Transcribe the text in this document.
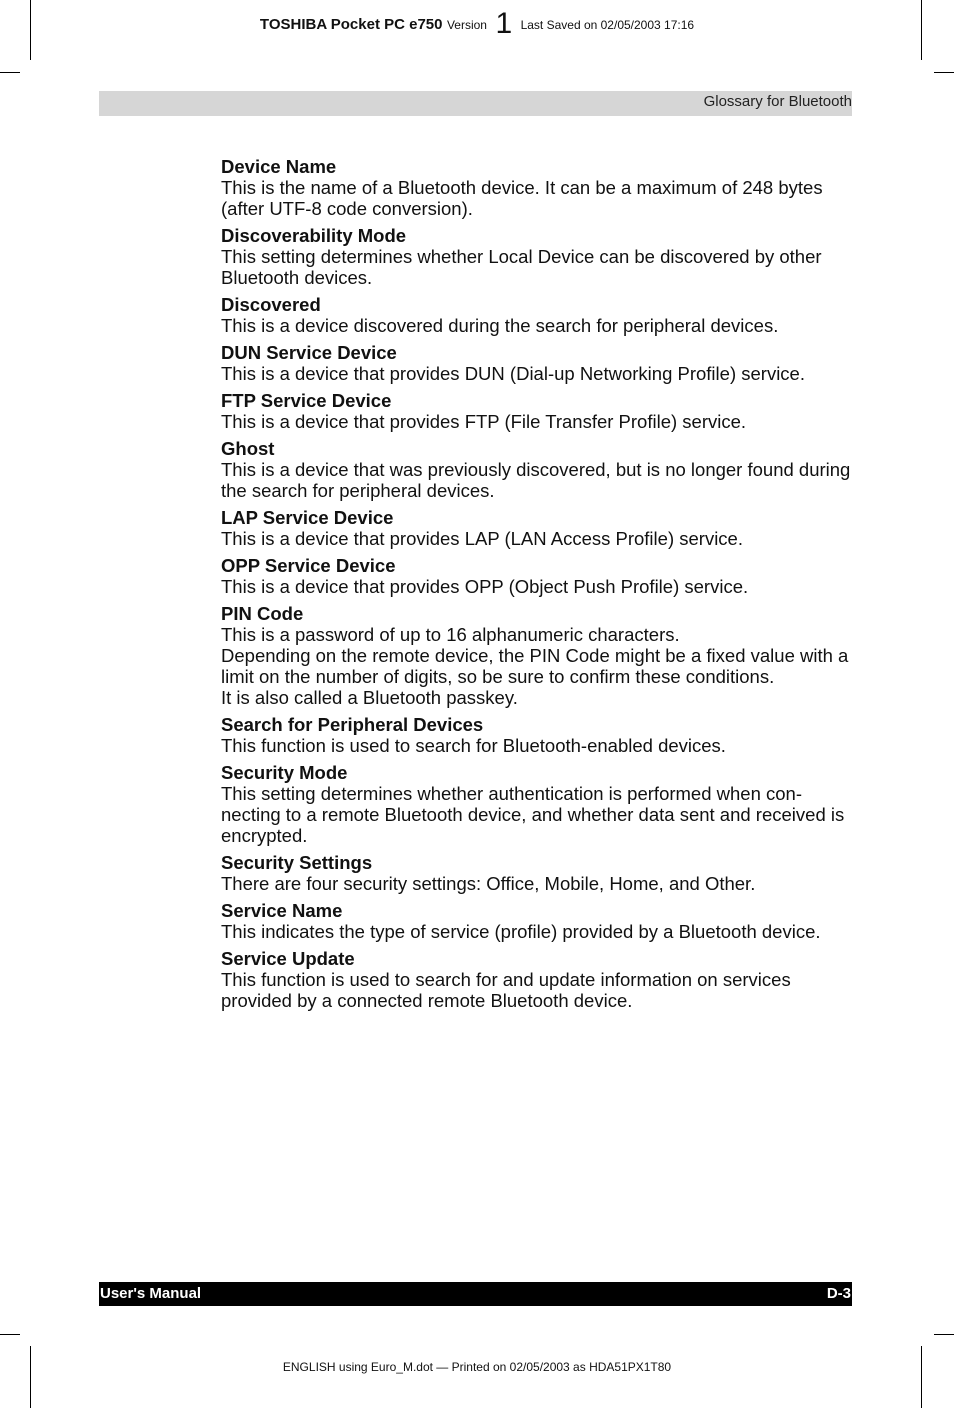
TOSHIBA Pocket PC e750 Version 1 Last Saved on 02/05/2003 17:16
Glossary for Bluetooth
Device Name

This is the name of a Bluetooth device. It can be a maximum of 248 bytes (after UTF-8 code conversion).

Discoverability Mode

This setting determines whether Local Device can be discovered by other Bluetooth devices.

Discovered

This is a device discovered during the search for peripheral devices.

DUN Service Device

This is a device that provides DUN (Dial-up Networking Profile) service.

FTP Service Device

This is a device that provides FTP (File Transfer Profile) service.

Ghost

This is a device that was previously discovered, but is no longer found during the search for peripheral devices.

LAP Service Device

This is a device that provides LAP (LAN Access Profile) service.

OPP Service Device

This is a device that provides OPP (Object Push Profile) service.

PIN Code

This is a password of up to 16 alphanumeric characters.

Depending on the remote device, the PIN Code might be a fixed value with a limit on the number of digits, so be sure to confirm these conditions.

It is also called a Bluetooth passkey.

Search for Peripheral Devices

This function is used to search for Bluetooth-enabled devices.

Security Mode

This setting determines whether authentication is performed when con-necting to a remote Bluetooth device, and whether data sent and received is encrypted.

Security Settings

There are four security settings: Office, Mobile, Home, and Other.

Service Name

This indicates the type of service (profile) provided by a Bluetooth device.

Service Update

This function is used to search for and update information on services provided by a connected remote Bluetooth device.

User's Manual	D-3
ENGLISH using Euro_M.dot — Printed on 02/05/2003 as HDA51PX1T80
